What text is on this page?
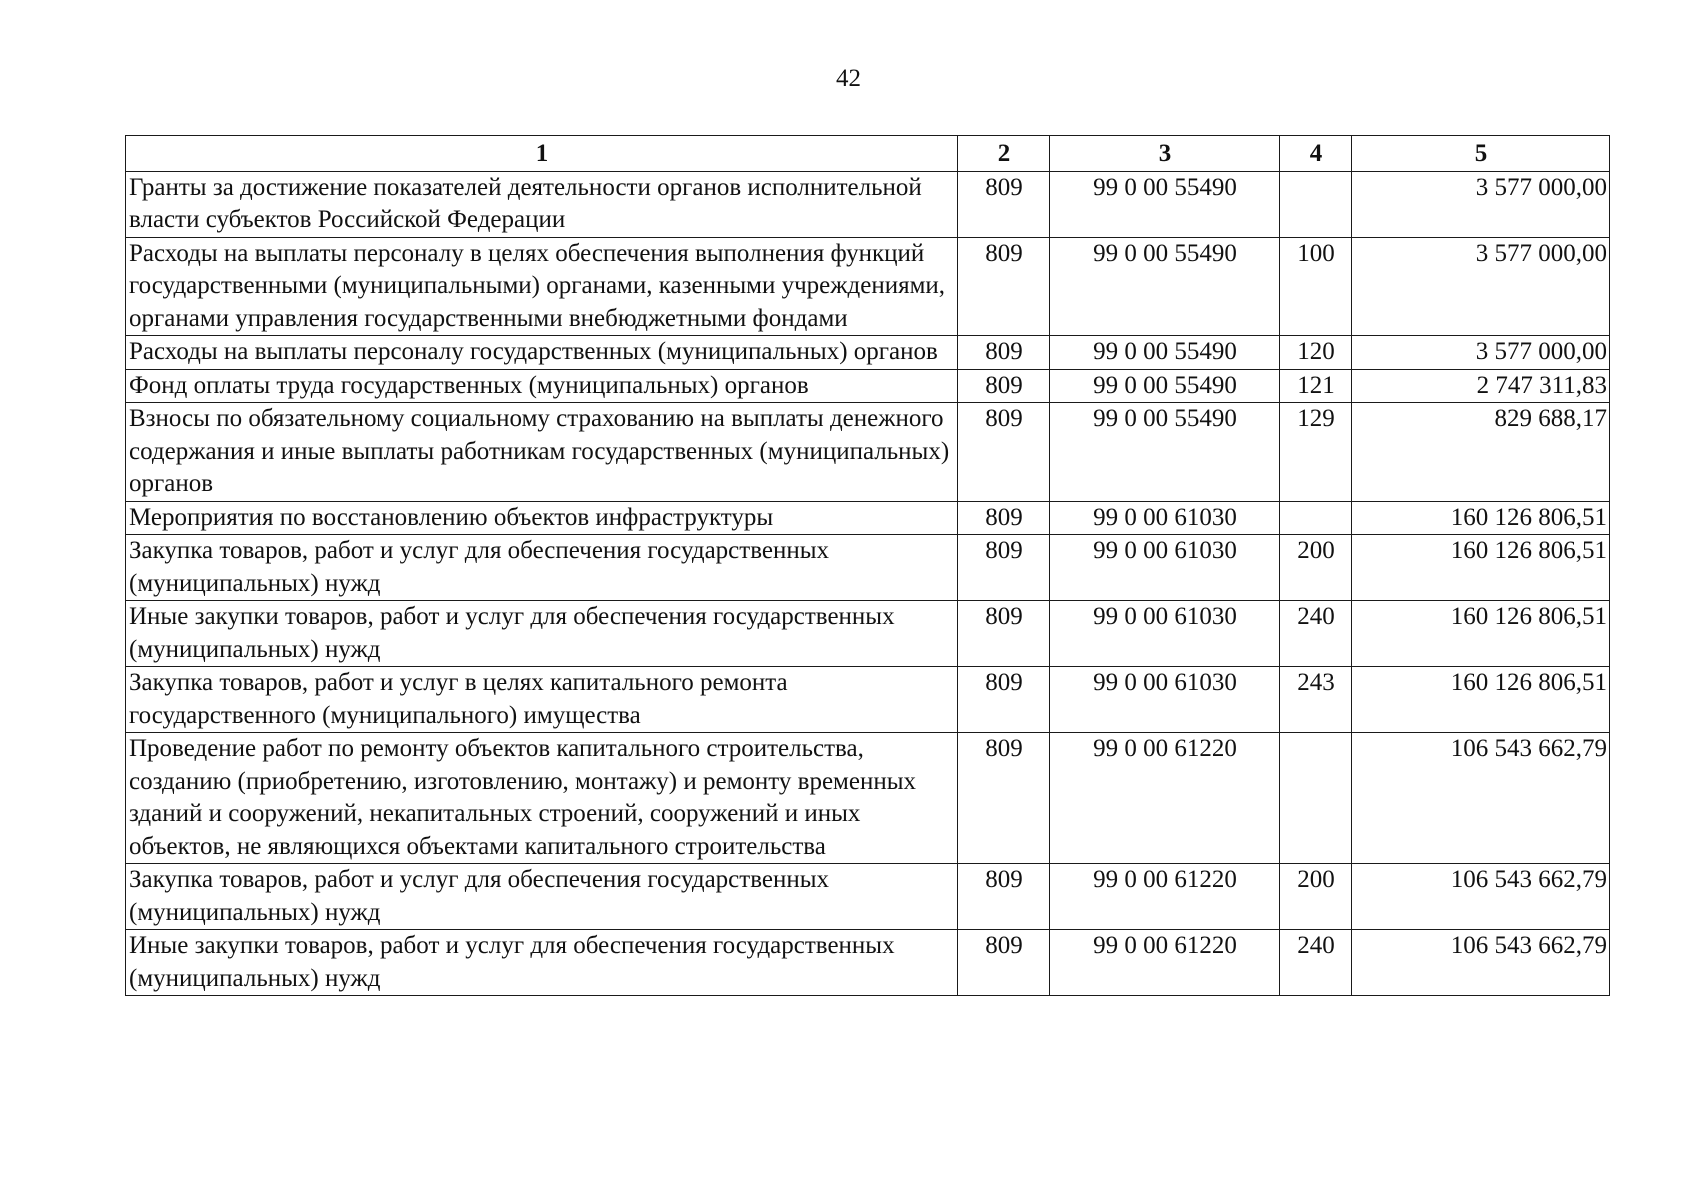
42
1	2	3	4	5
Гранты за достижение показателей деятельности органов исполнительной власти субъектов Российской Федерации	809	99 0 00 55490		3 577 000,00
Расходы на выплаты персоналу в целях обеспечения выполнения функций государственными (муниципальными) органами, казенными учреждениями, органами управления государственными внебюджетными фондами	809	99 0 00 55490	100	3 577 000,00
Расходы на выплаты персоналу государственных (муниципальных) органов	809	99 0 00 55490	120	3 577 000,00
Фонд оплаты труда государственных (муниципальных) органов	809	99 0 00 55490	121	2 747 311,83
Взносы по обязательному социальному страхованию на выплаты денежного содержания и иные выплаты работникам государственных (муниципальных) органов	809	99 0 00 55490	129	829 688,17
Мероприятия по восстановлению объектов инфраструктуры	809	99 0 00 61030		160 126 806,51
Закупка товаров, работ и услуг для обеспечения государственных (муниципальных) нужд	809	99 0 00 61030	200	160 126 806,51
Иные закупки товаров, работ и услуг для обеспечения государственных (муниципальных) нужд	809	99 0 00 61030	240	160 126 806,51
Закупка товаров, работ и услуг в целях капитального ремонта государственного (муниципального) имущества	809	99 0 00 61030	243	160 126 806,51
Проведение работ по ремонту объектов капитального строительства, созданию (приобретению, изготовлению, монтажу) и ремонту временных зданий и сооружений, некапитальных строений, сооружений и иных объектов, не являющихся объектами капитального строительства	809	99 0 00 61220		106 543 662,79
Закупка товаров, работ и услуг для обеспечения государственных (муниципальных) нужд	809	99 0 00 61220	200	106 543 662,79
Иные закупки товаров, работ и услуг для обеспечения государственных (муниципальных) нужд	809	99 0 00 61220	240	106 543 662,79
